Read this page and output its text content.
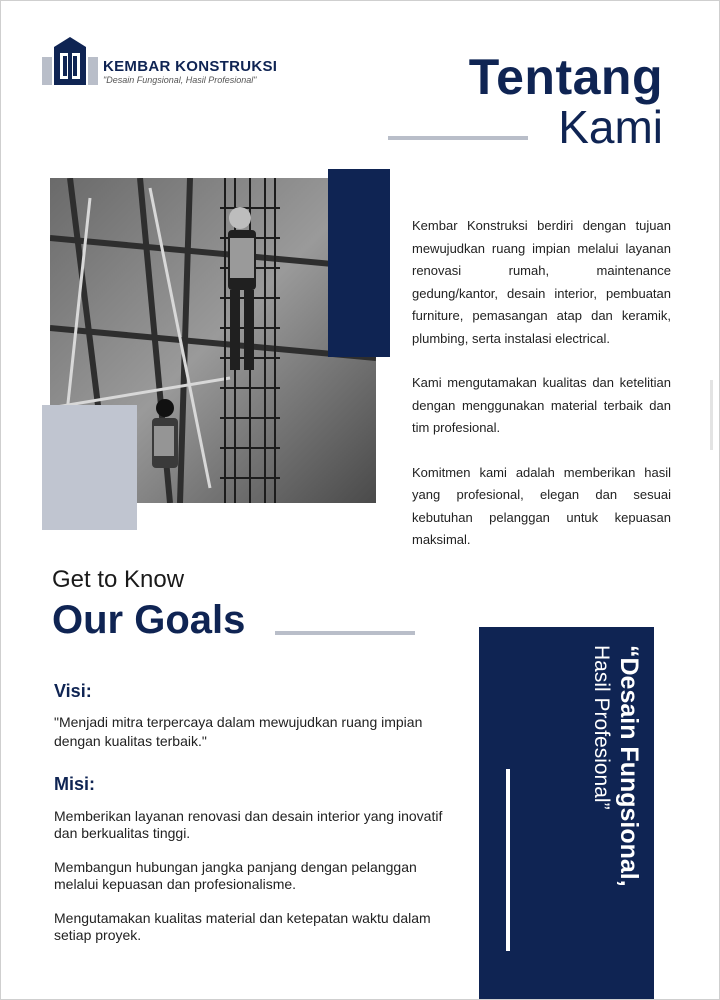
KEMBAR KONSTRUKSI
"Desain Fungsional, Hasil Profesional"	Tentang
Kami

Kembar Konstruksi berdiri dengan tujuan mewujudkan ruang impian melalui layanan renovasi rumah, maintenance gedung/kantor, desain interior, pembuatan furniture, pemasangan atap dan keramik, plumbing, serta instalasi electrical.

Kami mengutamakan kualitas dan ketelitian dengan menggunakan material terbaik dan tim profesional.

Komitmen kami adalah memberikan hasil yang profesional, elegan dan sesuai kebutuhan pelanggan untuk kepuasan maksimal.

Get to Know
Our Goals
Visi:
"Menjadi mitra terpercaya dalam mewujudkan ruang impian dengan kualitas terbaik."
Misi:

Memberikan layanan renovasi dan desain interior yang inovatif dan berkualitas tinggi.

Membangun hubungan jangka panjang dengan pelanggan melalui kepuasan dan profesionalisme.

Mengutamakan kualitas material dan ketepatan waktu dalam setiap proyek.

“Desain Fungsional,
Hasil Profesional”
